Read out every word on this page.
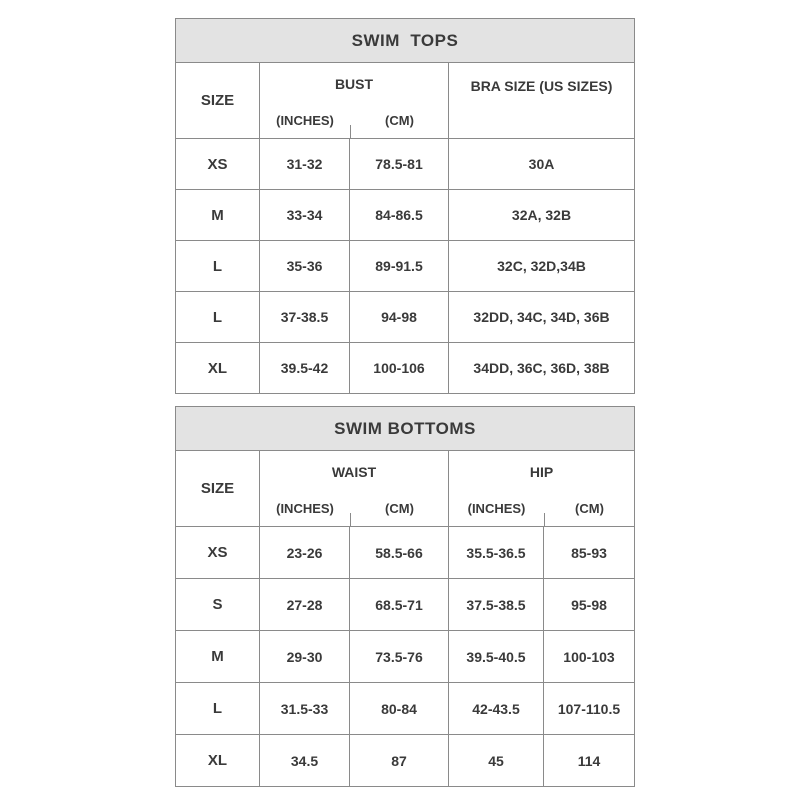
SWIM  TOPS
SIZE
BUST
(INCHES)	(CM)
BRA SIZE (US SIZES)
XS	31-32	78.5-81	30A
M	33-34	84-86.5	32A, 32B
L	35-36	89-91.5	32C, 32D,34B
L	37-38.5	94-98	32DD, 34C, 34D, 36B
XL	39.5-42	100-106	34DD, 36C, 36D, 38B
SWIM BOTTOMS
SIZE
WAIST
(INCHES)	(CM)
HIP
(INCHES)	(CM)
XS	23-26	58.5-66	35.5-36.5	85-93
S	27-28	68.5-71	37.5-38.5	95-98
M	29-30	73.5-76	39.5-40.5	100-103
L	31.5-33	80-84	42-43.5	107-110.5
XL	34.5	87	45	114
